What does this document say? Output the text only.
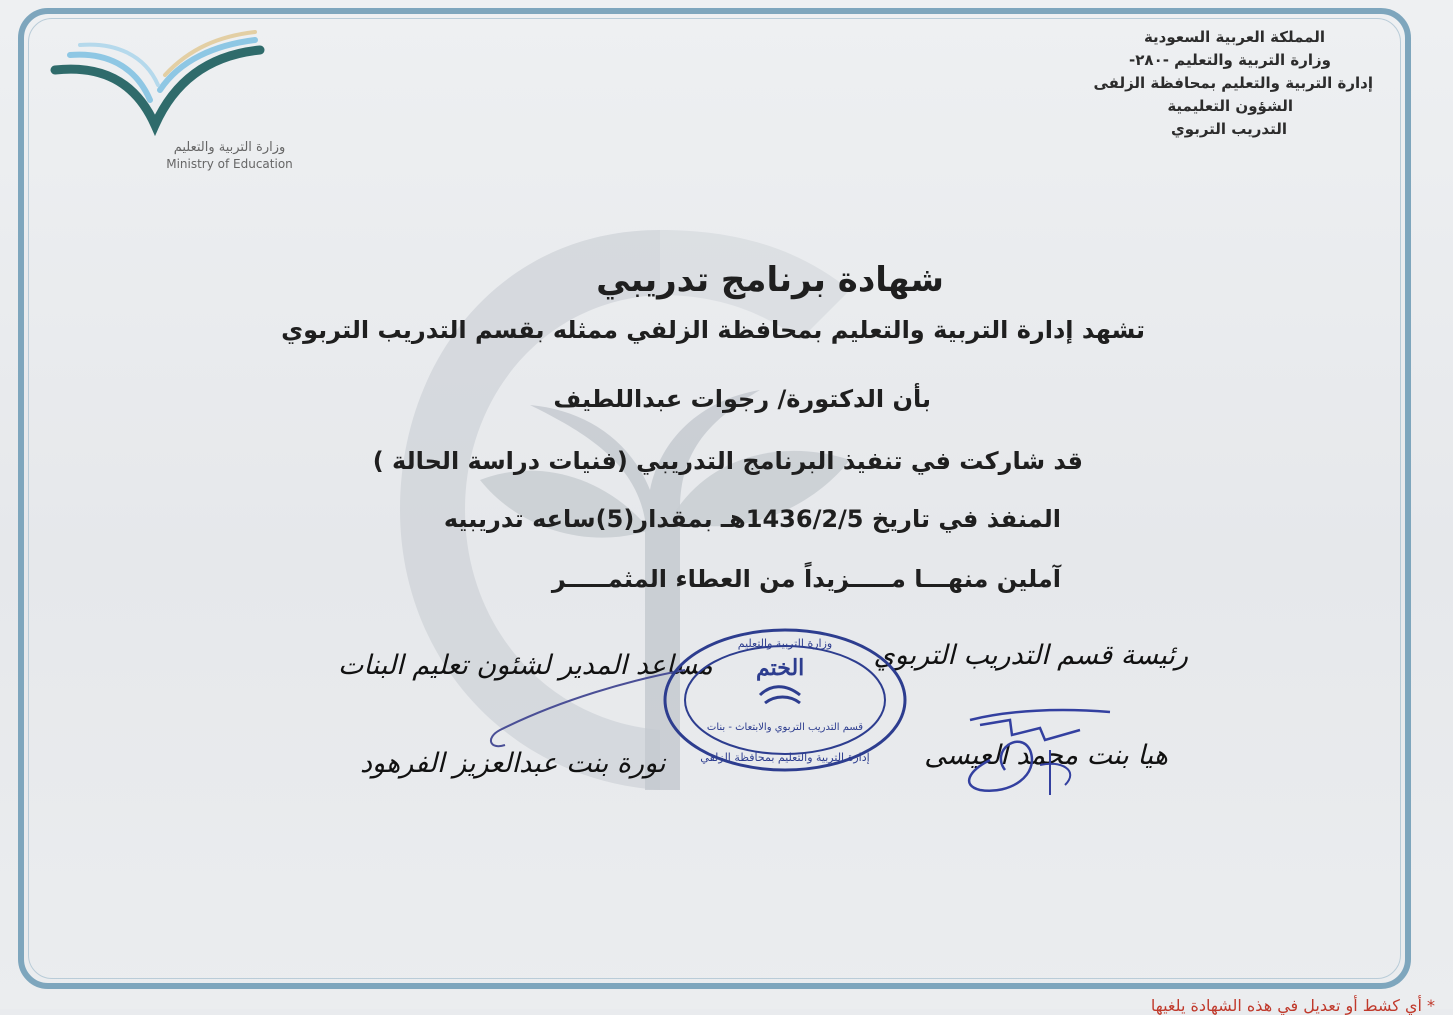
وزارة التربية والتعليم
Ministry of Education
المملكة العربية السعودية
وزارة التربية والتعليم -٢٨٠-
إدارة التربية والتعليم بمحافظة الزلفى
الشؤون التعليمية
التدريب التربوي
شهادة برنامج تدريبي
تشهد إدارة التربية والتعليم بمحافظة الزلفي ممثله بقسم التدريب التربوي
بأن الدكتورة/ رجوات عبداللطيف
قد شاركت في تنفيذ البرنامج التدريبي (فنيات دراسة الحالة )
المنفذ في تاريخ 1436/2/5هـ بمقدار(5)ساعه تدريبيه
آملين منهـــا مـــــزيداً من العطاء المثمـــــر
رئيسة قسم التدريب التربوي
هيا بنت محمد العيسى
مساعد المدير لشئون تعليم البنات
نورة بنت عبدالعزيز الفرهود
وزارة التربية والتعليم
إدارة التربية والتعليم بمحافظة الزلفي
قسم التدريب التربوي والابتعاث - بنات
الختم
* أي كشط أو تعديل في هذه الشهادة يلغيها
